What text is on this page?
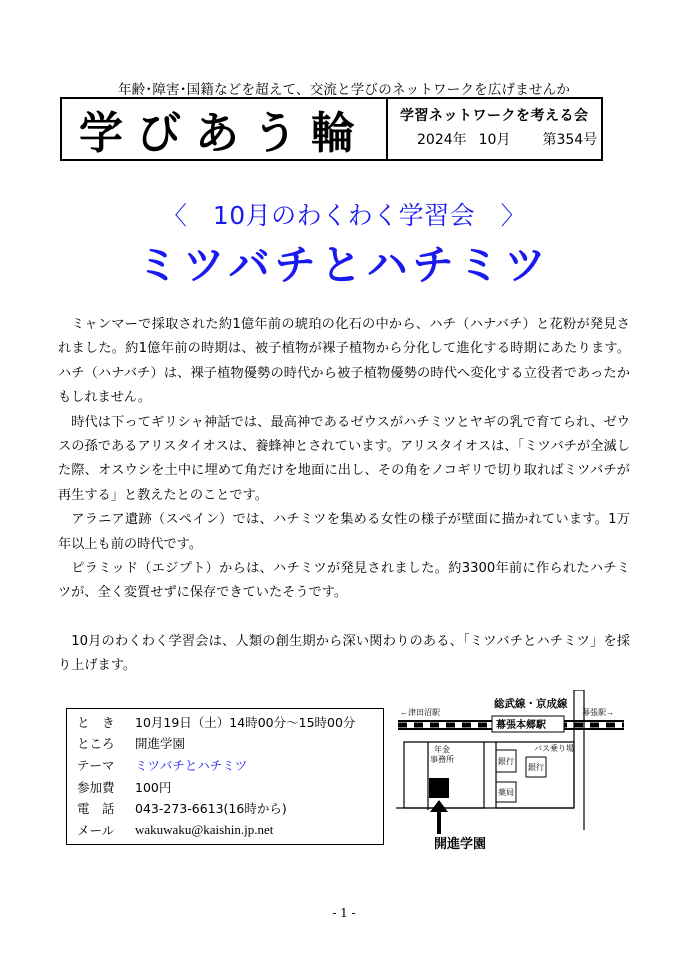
年齢･障害･国籍などを超えて、交流と学びのネットワークを広げませんか
学びあう輪	学習ネットワークを考える会
2024年 10月 第354号
〈　10月のわくわく学習会　〉
ミツバチとハチミツ

ミャンマーで採取された約1億年前の琥珀の化石の中から、ハチ（ハナバチ）と花粉が発見されました。約1億年前の時期は、被子植物が裸子植物から分化して進化する時期にあたります。ハチ（ハナバチ）は、裸子植物優勢の時代から被子植物優勢の時代へ変化する立役者であったかもしれません。

時代は下ってギリシャ神話では、最高神であるゼウスがハチミツとヤギの乳で育てられ、ゼウスの孫であるアリスタイオスは、養蜂神とされています。アリスタイオスは、「ミツバチが全滅した際、オスウシを土中に埋めて角だけを地面に出し、その角をノコギリで切り取ればミツバチが再生する」と教えたとのことです。

アラニア遺跡（スペイン）では、ハチミツを集める女性の様子が壁面に描かれています。1万年以上も前の時代です。

ピラミッド（エジプト）からは、ハチミツが発見されました。約3300年前に作られたハチミツが、全く変質せずに保存できていたそうです。

10月のわくわく学習会は、人類の創生期から深い関わりのある、「ミツバチとハチミツ」を採り上げます。

と　き	10月19日（土）14時00分～15時00分
ところ	開進学園
テーマ	ミツバチとハチミツ
参加費	100円
電　話	043-273-6613(16時から)
メール	wakuwaku@kaishin.jp.net
総武線・京成線
←津田沼駅	幕張駅→
幕張本郷駅
年金
事務所	銀行
薬局
バス乗り場
銀行
開進学園
- 1 -
